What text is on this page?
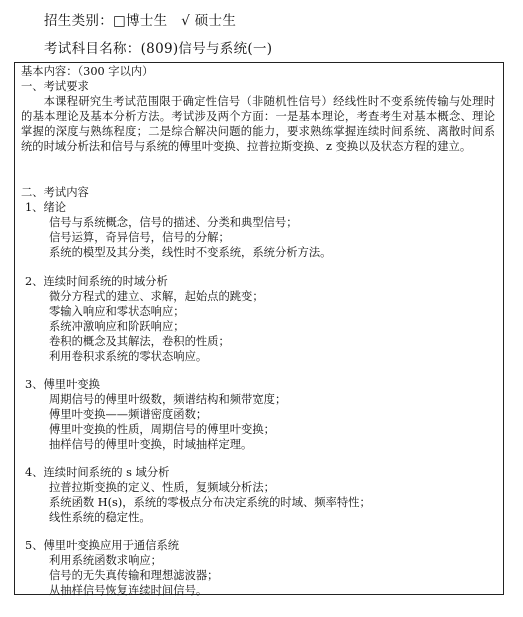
招生类别：□博士生 √ 硕士生
考试科目名称：(809)信号与系统(一)
基本内容：（300 字以内）
一、考试要求
本课程研究生考试范围限于确定性信号（非随机性信号）经线性时不变系统传输与处理时的基本理论及基本分析方法。考试涉及两个方面：一是基本理论，考查考生对基本概念、理论掌握的深度与熟练程度；二是综合解决问题的能力，要求熟练掌握连续时间系统、离散时间系统的时域分析法和信号与系统的傅里叶变换、拉普拉斯变换、z 变换以及状态方程的建立。
二、考试内容
1、绪论
信号与系统概念，信号的描述、分类和典型信号；
信号运算，奇异信号，信号的分解；
系统的模型及其分类，线性时不变系统，系统分析方法。
2、连续时间系统的时域分析
微分方程式的建立、求解，起始点的跳变；
零输入响应和零状态响应；
系统冲激响应和阶跃响应；
卷积的概念及其解法，卷积的性质；
利用卷积求系统的零状态响应。
3、傅里叶变换
周期信号的傅里叶级数，频谱结构和频带宽度；
傅里叶变换——频谱密度函数；
傅里叶变换的性质，周期信号的傅里叶变换；
抽样信号的傅里叶变换，时域抽样定理。
4、连续时间系统的 s 域分析
拉普拉斯变换的定义、性质，复频域分析法；
系统函数 H(s)，系统的零极点分布决定系统的时域、频率特性；
线性系统的稳定性。
5、傅里叶变换应用于通信系统
利用系统函数求响应；
信号的无失真传输和理想滤波器；
从抽样信号恢复连续时间信号。
